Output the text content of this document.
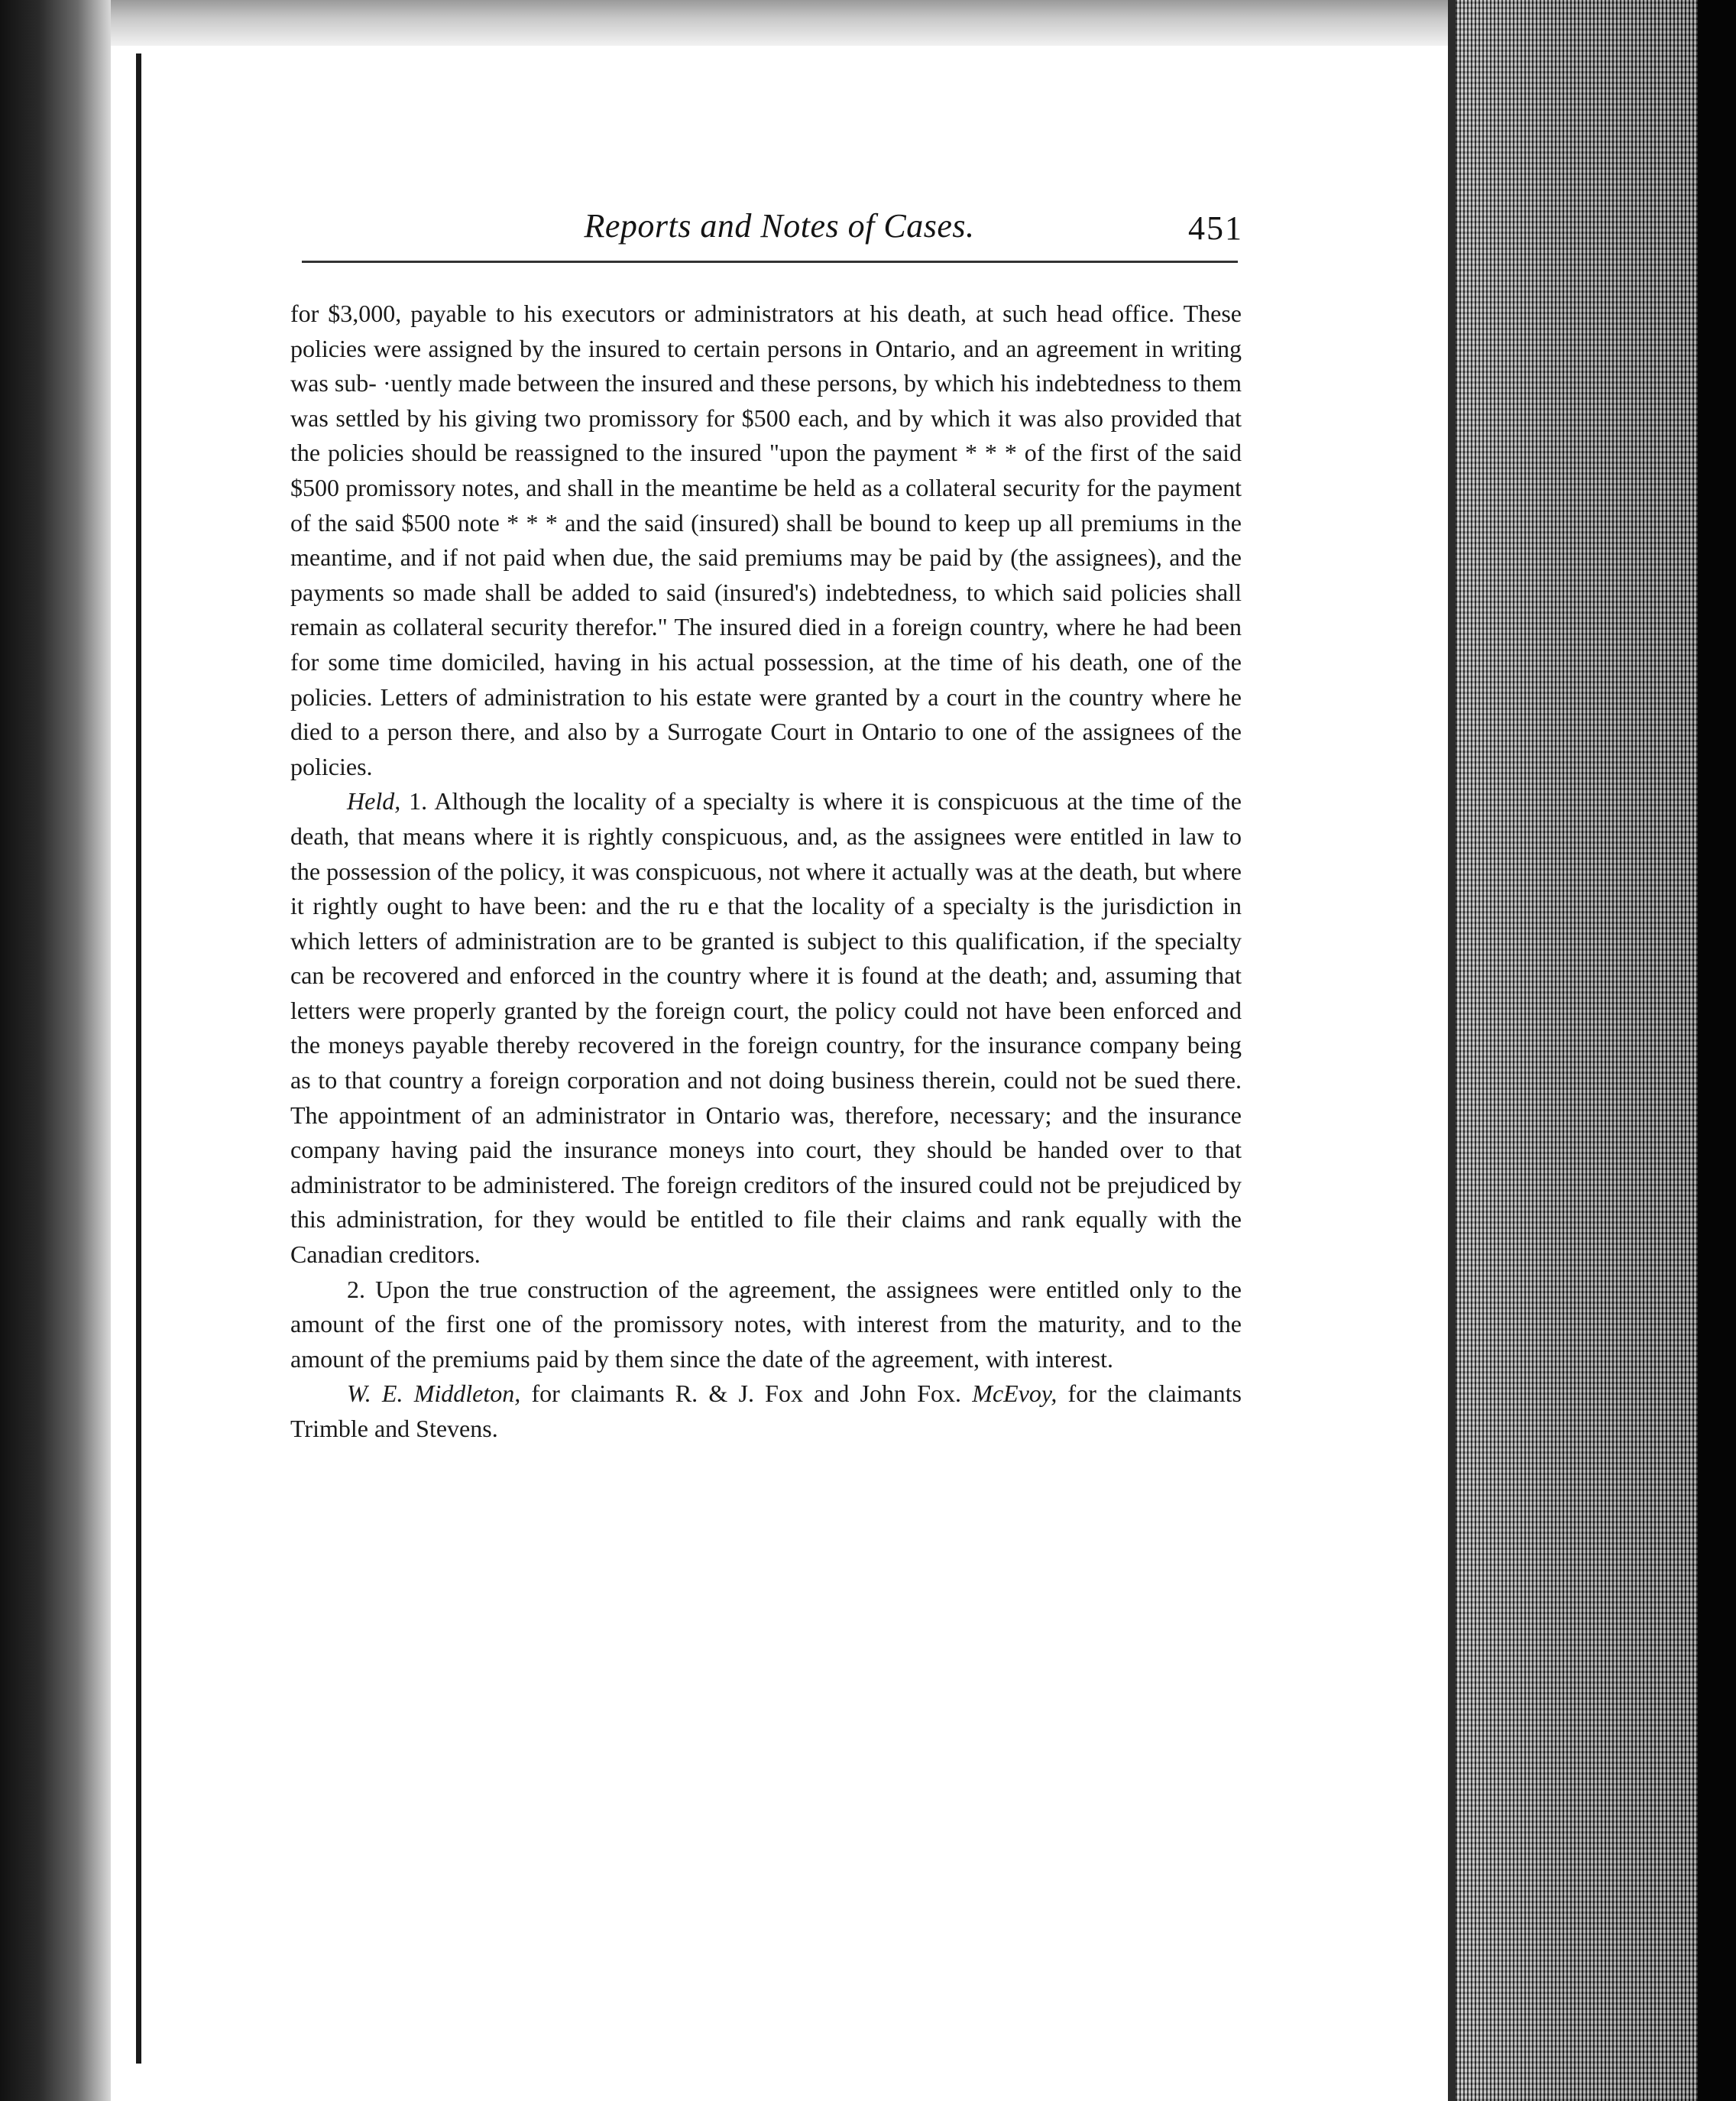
Reports and Notes of Cases.	451

for $3,000, payable to his executors or administrators at his death, at such head office. These policies were assigned by the insured to certain persons in Ontario, and an agreement in writing was sub- ·uently made between the insured and these persons, by which his indebtedness to them was settled by his giving two promissory for $500 each, and by which it was also provided that the policies should be reassigned to the insured "upon the payment * * * of the first of the said $500 promissory notes, and shall in the meantime be held as a collateral security for the payment of the said $500 note * * * and the said (insured) shall be bound to keep up all premiums in the meantime, and if not paid when due, the said premiums may be paid by (the assignees), and the payments so made shall be added to said (insured's) indebtedness, to which said policies shall remain as collateral security therefor." The insured died in a foreign country, where he had been for some time domiciled, having in his actual possession, at the time of his death, one of the policies. Letters of administration to his estate were granted by a court in the country where he died to a person there, and also by a Surrogate Court in Ontario to one of the assignees of the policies.

Held, 1. Although the locality of a specialty is where it is conspicuous at the time of the death, that means where it is rightly conspicuous, and, as the assignees were entitled in law to the possession of the policy, it was conspicuous, not where it actually was at the death, but where it rightly ought to have been: and the ru e that the locality of a specialty is the jurisdiction in which letters of administration are to be granted is subject to this qualification, if the specialty can be recovered and enforced in the country where it is found at the death; and, assuming that letters were properly granted by the foreign court, the policy could not have been enforced and the moneys payable thereby recovered in the foreign country, for the insurance company being as to that country a foreign corporation and not doing business therein, could not be sued there. The appointment of an administrator in Ontario was, therefore, necessary; and the insurance company having paid the insurance moneys into court, they should be handed over to that administrator to be administered. The foreign creditors of the insured could not be prejudiced by this administration, for they would be entitled to file their claims and rank equally with the Canadian creditors.

2. Upon the true construction of the agreement, the assignees were entitled only to the amount of the first one of the promissory notes, with interest from the maturity, and to the amount of the premiums paid by them since the date of the agreement, with interest.

W. E. Middleton, for claimants R. & J. Fox and John Fox. McEvoy, for the claimants Trimble and Stevens.
